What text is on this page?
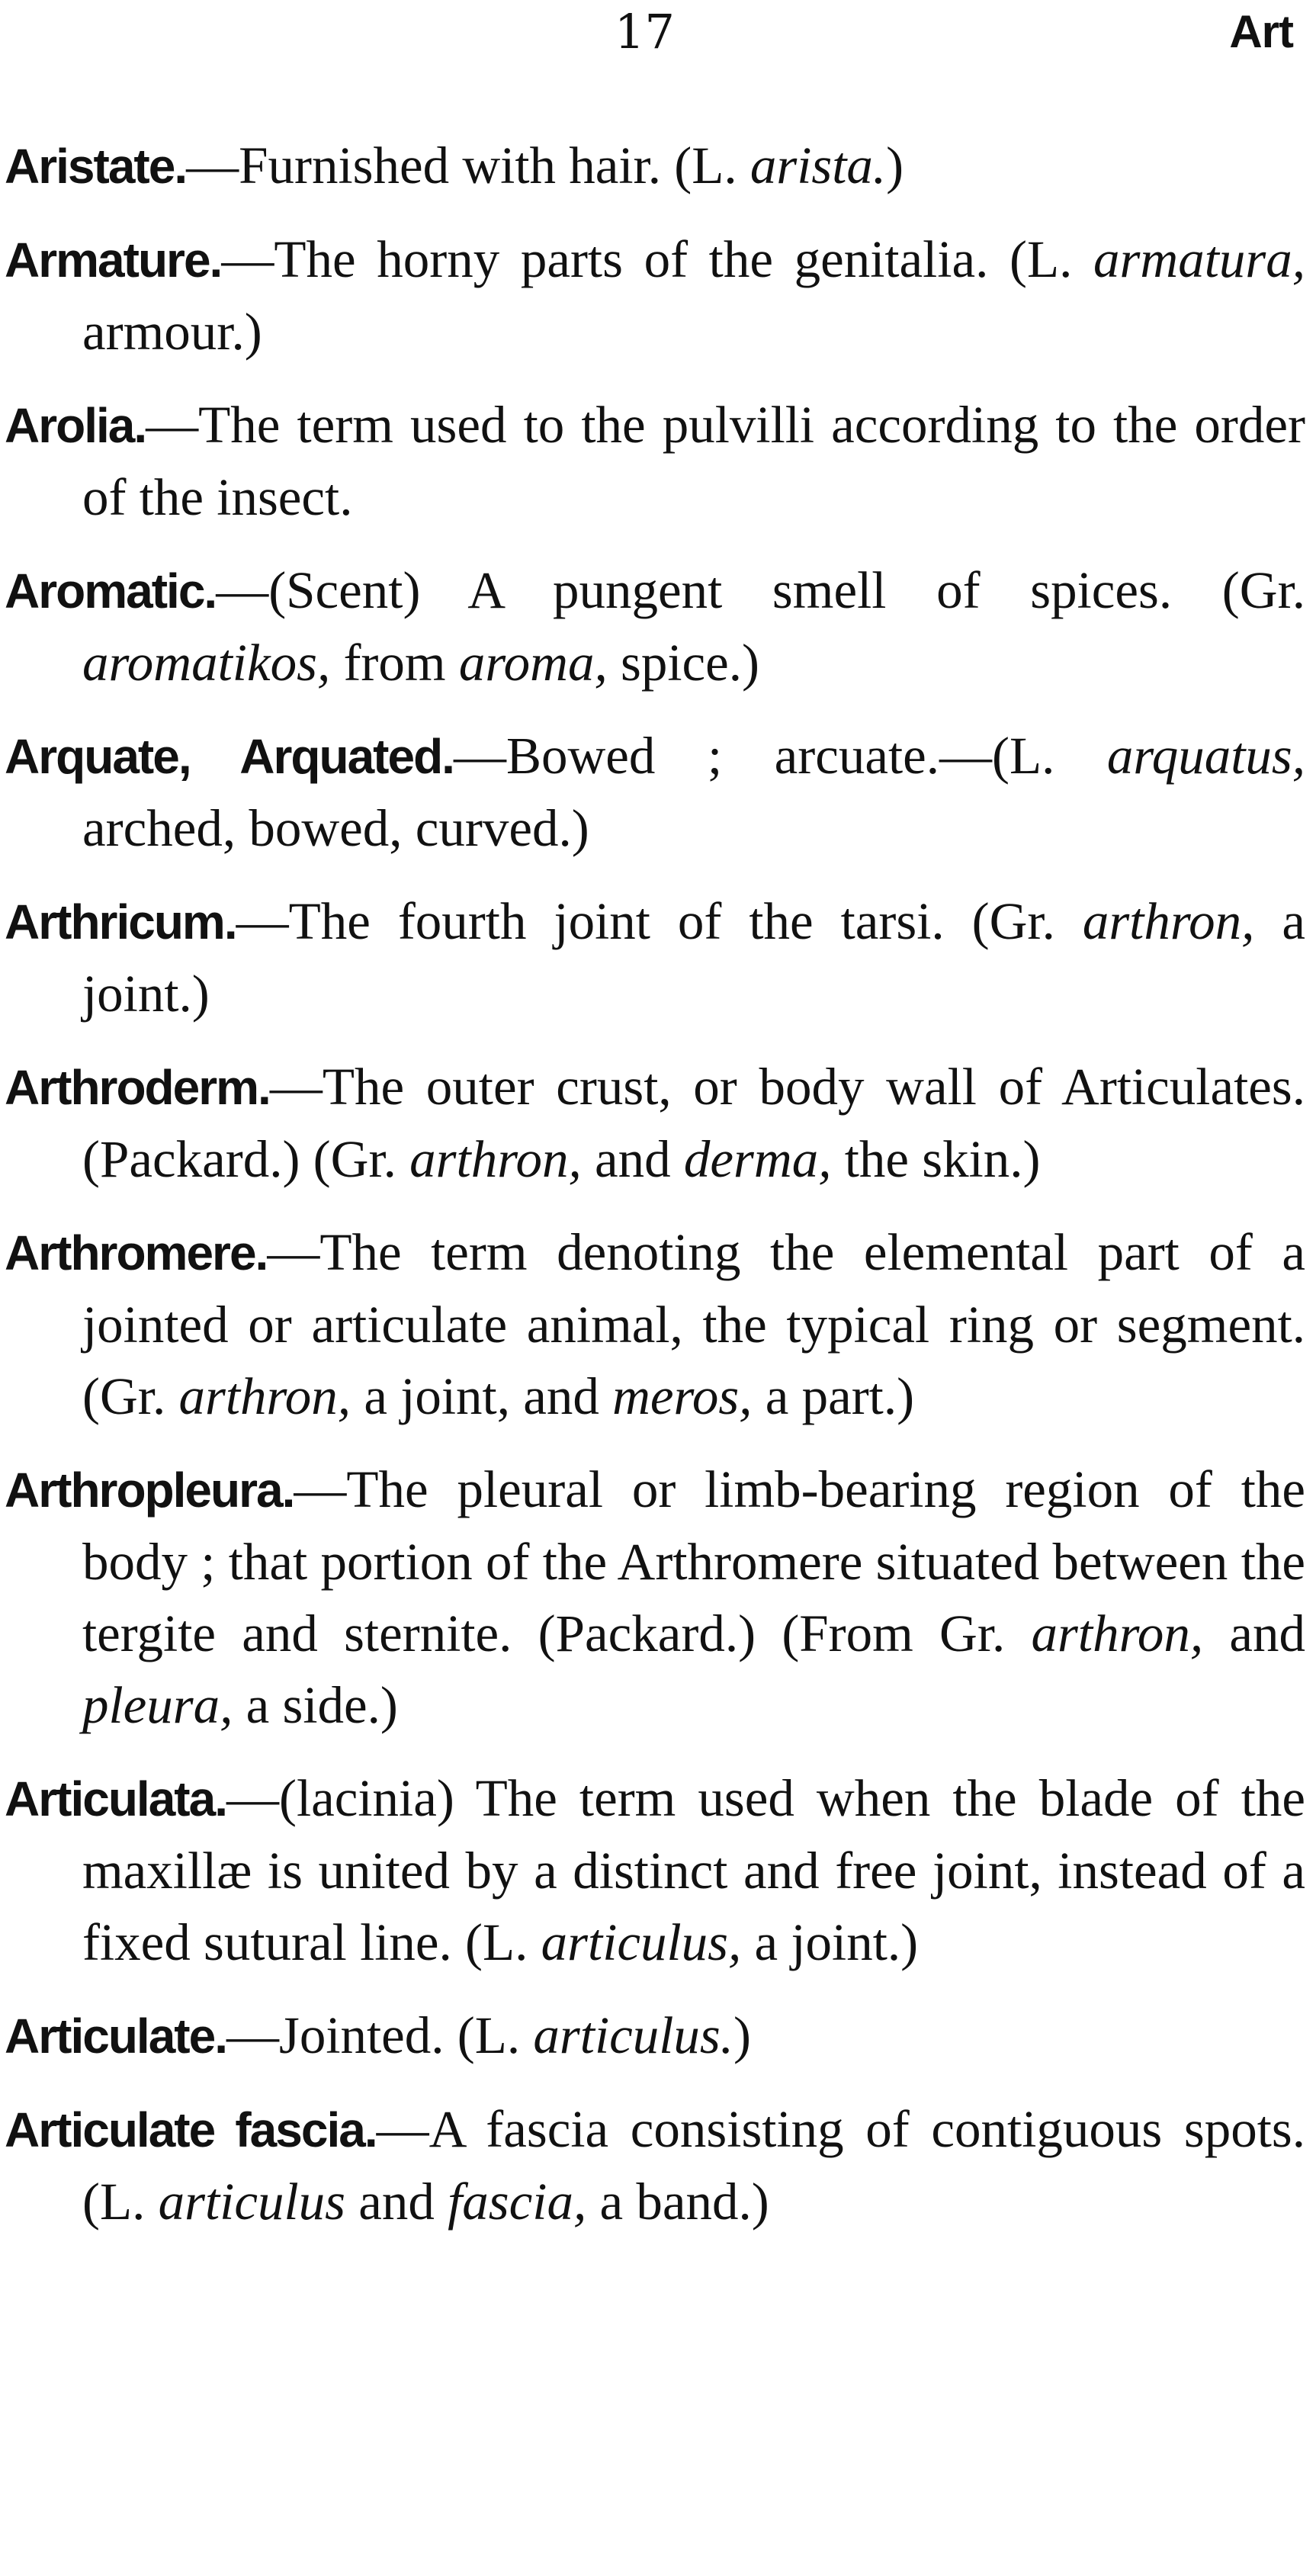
17	Art

Aristate.—Furnished with hair. (L. arista.)

Armature.—The horny parts of the genitalia. (L. armatura, armour.)

Arolia.—The term used to the pulvilli according to the order of the insect.

Aromatic.—(Scent) A pungent smell of spices. (Gr. aromatikos, from aroma, spice.)

Arquate, Arquated.—Bowed ; arcuate.—(L. arquatus, arched, bowed, curved.)

Arthricum.—The fourth joint of the tarsi. (Gr. arthron, a joint.)

Arthroderm.—The outer crust, or body wall of Articulates. (Packard.) (Gr. arthron, and derma, the skin.)

Arthromere.—The term denoting the elemental part of a jointed or articulate animal, the typical ring or segment. (Gr. arthron, a joint, and meros, a part.)

Arthropleura.—The pleural or limb-bearing region of the body ; that portion of the Arthromere situated between the tergite and sternite. (Packard.) (From Gr. arthron, and pleura, a side.)

Articulata.—(lacinia) The term used when the blade of the maxillæ is united by a distinct and free joint, instead of a fixed sutural line. (L. articulus, a joint.)

Articulate.—Jointed. (L. articulus.)

Articulate fascia.—A fascia consisting of contiguous spots. (L. articulus and fascia, a band.)
